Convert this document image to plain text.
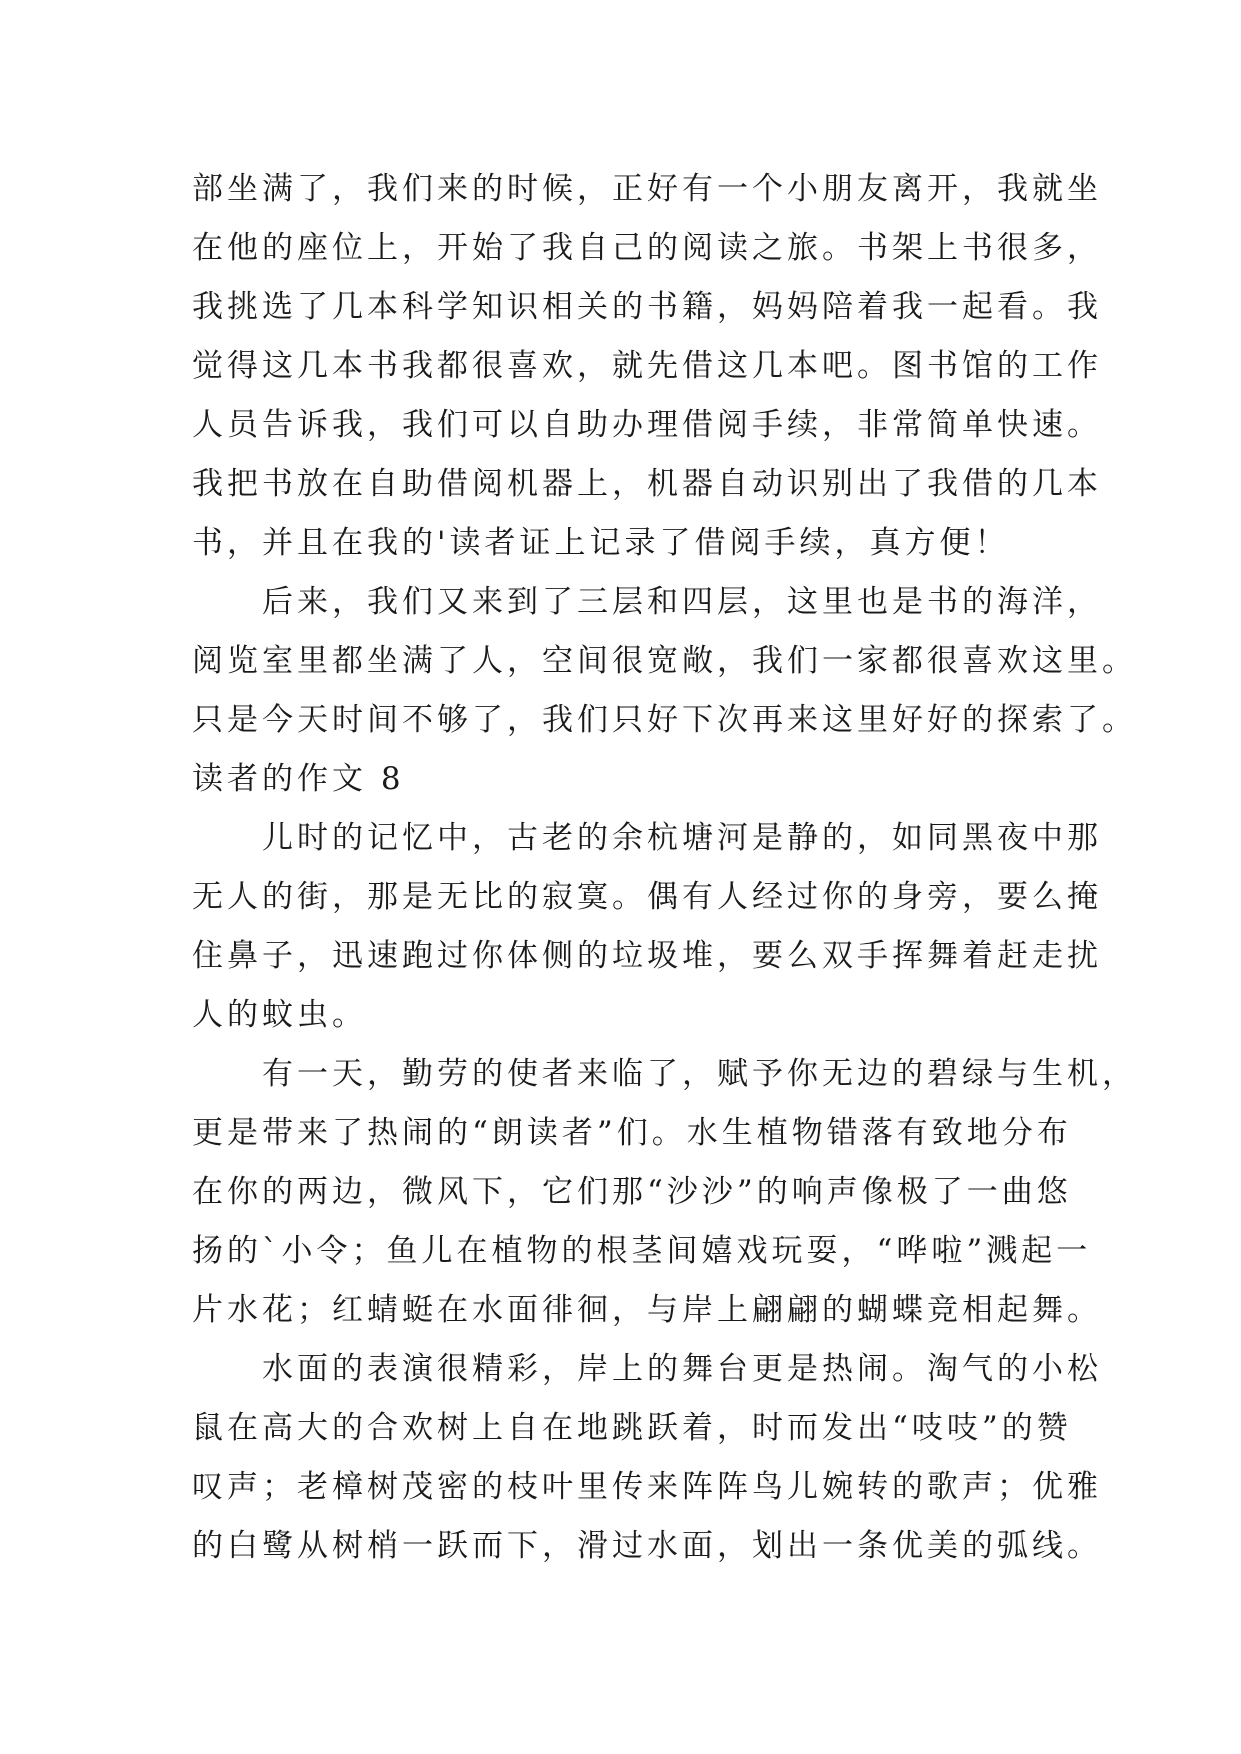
部坐满了，我们来的时候，正好有一个小朋友离开，我就坐
在他的座位上，开始了我自己的阅读之旅。书架上书很多，
我挑选了几本科学知识相关的书籍，妈妈陪着我一起看。我
觉得这几本书我都很喜欢，就先借这几本吧。图书馆的工作
人员告诉我，我们可以自助办理借阅手续，非常简单快速。
我把书放在自助借阅机器上，机器自动识别出了我借的几本
书，并且在我的'读者证上记录了借阅手续，真方便！
后来，我们又来到了三层和四层，这里也是书的海洋，
阅览室里都坐满了人，空间很宽敞，我们一家都很喜欢这里。
只是今天时间不够了，我们只好下次再来这里好好的探索了。
读者的作文 8
儿时的记忆中，古老的余杭塘河是静的，如同黑夜中那
无人的街，那是无比的寂寞。偶有人经过你的身旁，要么掩
住鼻子，迅速跑过你体侧的垃圾堆，要么双手挥舞着赶走扰
人的蚊虫。
有一天，勤劳的使者来临了，赋予你无边的碧绿与生机，
更是带来了热闹的“朗读者”们。水生植物错落有致地分布
在你的两边，微风下，它们那“沙沙”的响声像极了一曲悠
扬的`小令；鱼儿在植物的根茎间嬉戏玩耍，“哗啦”溅起一
片水花；红蜻蜓在水面徘徊，与岸上翩翩的蝴蝶竞相起舞。
水面的表演很精彩，岸上的舞台更是热闹。淘气的小松
鼠在高大的合欢树上自在地跳跃着，时而发出“吱吱”的赞
叹声；老樟树茂密的枝叶里传来阵阵鸟儿婉转的歌声；优雅
的白鹭从树梢一跃而下，滑过水面，划出一条优美的弧线。
